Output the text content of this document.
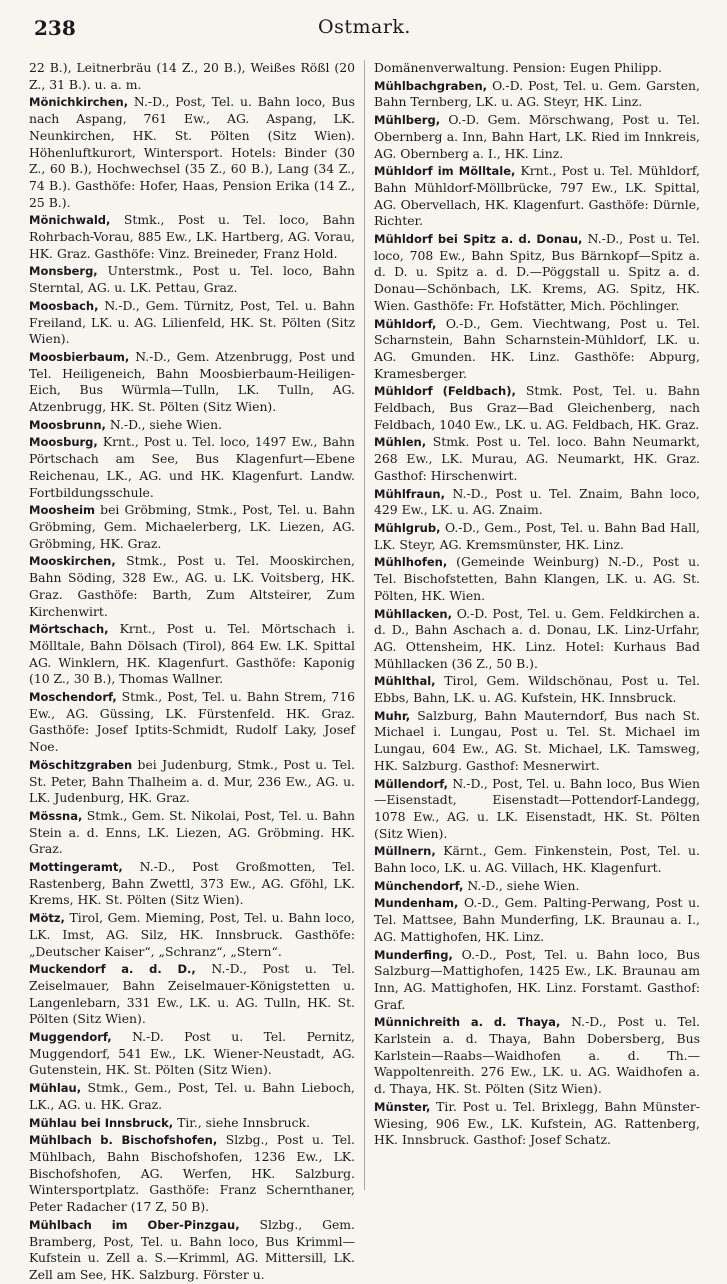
238	Ostmark.

22 B.), Leitnerbräu (14 Z., 20 B.), Weißes Rößl (20 Z., 31 B.). u. a. m.

Mönichkirchen, N.-D., Post, Tel. u. Bahn loco, Bus nach Aspang, 761 Ew., AG. Aspang, LK. Neunkirchen, HK. St. Pölten (Sitz Wien). Höhenluftkurort, Wintersport. Hotels: Binder (30 Z., 60 B.), Hochwechsel (35 Z., 60 B.), Lang (34 Z., 74 B.). Gasthöfe: Hofer, Haas, Pension Erika (14 Z., 25 B.).

Mönichwald, Stmk., Post u. Tel. loco, Bahn Rohrbach-Vorau, 885 Ew., LK. Hartberg, AG. Vorau, HK. Graz. Gasthöfe: Vinz. Breineder, Franz Hold.

Monsberg, Unterstmk., Post u. Tel. loco, Bahn Sterntal, AG. u. LK. Pettau, Graz.

Moosbach, N.-D., Gem. Türnitz, Post, Tel. u. Bahn Freiland, LK. u. AG. Lilienfeld, HK. St. Pölten (Sitz Wien).

Moosbierbaum, N.-D., Gem. Atzenbrugg, Post und Tel. Heiligeneich, Bahn Moosbierbaum-Heiligen-Eich, Bus Würmla—Tulln, LK. Tulln, AG. Atzenbrugg, HK. St. Pölten (Sitz Wien).

Moosbrunn, N.-D., siehe Wien.

Moosburg, Krnt., Post u. Tel. loco, 1497 Ew., Bahn Pörtschach am See, Bus Klagenfurt—Ebene Reichenau, LK., AG. und HK. Klagenfurt. Landw. Fortbildungsschule.

Moosheim bei Gröbming, Stmk., Post, Tel. u. Bahn Gröbming, Gem. Michaelerberg, LK. Liezen, AG. Gröbming, HK. Graz.

Mooskirchen, Stmk., Post u. Tel. Mooskirchen, Bahn Söding, 328 Ew., AG. u. LK. Voitsberg, HK. Graz. Gasthöfe: Barth, Zum Altsteirer, Zum Kirchenwirt.

Mörtschach, Krnt., Post u. Tel. Mörtschach i. Mölltale, Bahn Dölsach (Tirol), 864 Ew. LK. Spittal AG. Winklern, HK. Klagenfurt. Gasthöfe: Kaponig (10 Z., 30 B.), Thomas Wallner.

Moschendorf, Stmk., Post, Tel. u. Bahn Strem, 716 Ew., AG. Güssing, LK. Fürstenfeld. HK. Graz. Gasthöfe: Josef Iptits-Schmidt, Rudolf Laky, Josef Noe.

Möschitzgraben bei Judenburg, Stmk., Post u. Tel. St. Peter, Bahn Thalheim a. d. Mur, 236 Ew., AG. u. LK. Judenburg, HK. Graz.

Mössna, Stmk., Gem. St. Nikolai, Post, Tel. u. Bahn Stein a. d. Enns, LK. Liezen, AG. Gröbming. HK. Graz.

Mottingeramt, N.-D., Post Großmotten, Tel. Rastenberg, Bahn Zwettl, 373 Ew., AG. Gföhl, LK. Krems, HK. St. Pölten (Sitz Wien).

Mötz, Tirol, Gem. Mieming, Post, Tel. u. Bahn loco, LK. Imst, AG. Silz, HK. Innsbruck. Gasthöfe: „Deutscher Kaiser“, „Schranz“, „Stern“.

Muckendorf a. d. D., N.-D., Post u. Tel. Zeiselmauer, Bahn Zeiselmauer-Königstetten u. Langenlebarn, 331 Ew., LK. u. AG. Tulln, HK. St. Pölten (Sitz Wien).

Muggendorf, N.-D. Post u. Tel. Pernitz, Muggendorf, 541 Ew., LK. Wiener-Neustadt, AG. Gutenstein, HK. St. Pölten (Sitz Wien).

Mühlau, Stmk., Gem., Post, Tel. u. Bahn Lieboch, LK., AG. u. HK. Graz.

Mühlau bei Innsbruck, Tir., siehe Innsbruck.

Mühlbach b. Bischofshofen, Slzbg., Post u. Tel. Mühlbach, Bahn Bischofshofen, 1236 Ew., LK. Bischofshofen, AG. Werfen, HK. Salzburg. Wintersportplatz. Gasthöfe: Franz Schernthaner, Peter Radacher (17 Z, 50 B).

Mühlbach im Ober-Pinzgau, Slzbg., Gem. Bramberg, Post, Tel. u. Bahn loco, Bus Krimml—Kufstein u. Zell a. S.—Krimml, AG. Mittersill, LK. Zell am See, HK. Salzburg. Förster u.

Domänenverwaltung. Pension: Eugen Philipp.

Mühlbachgraben, O.-D. Post, Tel. u. Gem. Garsten, Bahn Ternberg, LK. u. AG. Steyr, HK. Linz.

Mühlberg, O.-D. Gem. Mörschwang, Post u. Tel. Obernberg a. Inn, Bahn Hart, LK. Ried im Innkreis, AG. Obernberg a. I., HK. Linz.

Mühldorf im Mölltale, Krnt., Post u. Tel. Mühldorf, Bahn Mühldorf-Möllbrücke, 797 Ew., LK. Spittal, AG. Obervellach, HK. Klagenfurt. Gasthöfe: Dürnle, Richter.

Mühldorf bei Spitz a. d. Donau, N.-D., Post u. Tel. loco, 708 Ew., Bahn Spitz, Bus Bärnkopf—Spitz a. d. D. u. Spitz a. d. D.—Pöggstall u. Spitz a. d. Donau—Schönbach, LK. Krems, AG. Spitz, HK. Wien. Gasthöfe: Fr. Hofstätter, Mich. Pöchlinger.

Mühldorf, O.-D., Gem. Viechtwang, Post u. Tel. Scharnstein, Bahn Scharnstein-Mühldorf, LK. u. AG. Gmunden. HK. Linz. Gasthöfe: Abpurg, Kramesberger.

Mühldorf (Feldbach), Stmk. Post, Tel. u. Bahn Feldbach, Bus Graz—Bad Gleichenberg, nach Feldbach, 1040 Ew., LK. u. AG. Feldbach, HK. Graz.

Mühlen, Stmk. Post u. Tel. loco. Bahn Neumarkt, 268 Ew., LK. Murau, AG. Neumarkt, HK. Graz. Gasthof: Hirschenwirt.

Mühlfraun, N.-D., Post u. Tel. Znaim, Bahn loco, 429 Ew., LK. u. AG. Znaim.

Mühlgrub, O.-D., Gem., Post, Tel. u. Bahn Bad Hall, LK. Steyr, AG. Kremsmünster, HK. Linz.

Mühlhofen, (Gemeinde Weinburg) N.-D., Post u. Tel. Bischofstetten, Bahn Klangen, LK. u. AG. St. Pölten, HK. Wien.

Mühllacken, O.-D. Post, Tel. u. Gem. Feldkirchen a. d. D., Bahn Aschach a. d. Donau, LK. Linz-Urfahr, AG. Ottensheim, HK. Linz. Hotel: Kurhaus Bad Mühllacken (36 Z., 50 B.).

Mühlthal, Tirol, Gem. Wildschönau, Post u. Tel. Ebbs, Bahn, LK. u. AG. Kufstein, HK. Innsbruck.

Muhr, Salzburg, Bahn Mauterndorf, Bus nach St. Michael i. Lungau, Post u. Tel. St. Michael im Lungau, 604 Ew., AG. St. Michael, LK. Tamsweg, HK. Salzburg. Gasthof: Mesnerwirt.

Müllendorf, N.-D., Post, Tel. u. Bahn loco, Bus Wien—Eisenstadt, Eisenstadt—Pottendorf-Landegg, 1078 Ew., AG. u. LK. Eisenstadt, HK. St. Pölten (Sitz Wien).

Müllnern, Kärnt., Gem. Finkenstein, Post, Tel. u. Bahn loco, LK. u. AG. Villach, HK. Klagenfurt.

Münchendorf, N.-D., siehe Wien.

Mundenham, O.-D., Gem. Palting-Perwang, Post u. Tel. Mattsee, Bahn Munderfing, LK. Braunau a. I., AG. Mattighofen, HK. Linz.

Munderfing, O.-D., Post, Tel. u. Bahn loco, Bus Salzburg—Mattighofen, 1425 Ew., LK. Braunau am Inn, AG. Mattighofen, HK. Linz. Forstamt. Gasthof: Graf.

Münnichreith a. d. Thaya, N.-D., Post u. Tel. Karlstein a. d. Thaya, Bahn Dobersberg, Bus Karlstein—Raabs—Waidhofen a. d. Th.—Wappoltenreith. 276 Ew., LK. u. AG. Waidhofen a. d. Thaya, HK. St. Pölten (Sitz Wien).

Münster, Tir. Post u. Tel. Brixlegg, Bahn Münster-Wiesing, 906 Ew., LK. Kufstein, AG. Rattenberg, HK. Innsbruck. Gasthof: Josef Schatz.
